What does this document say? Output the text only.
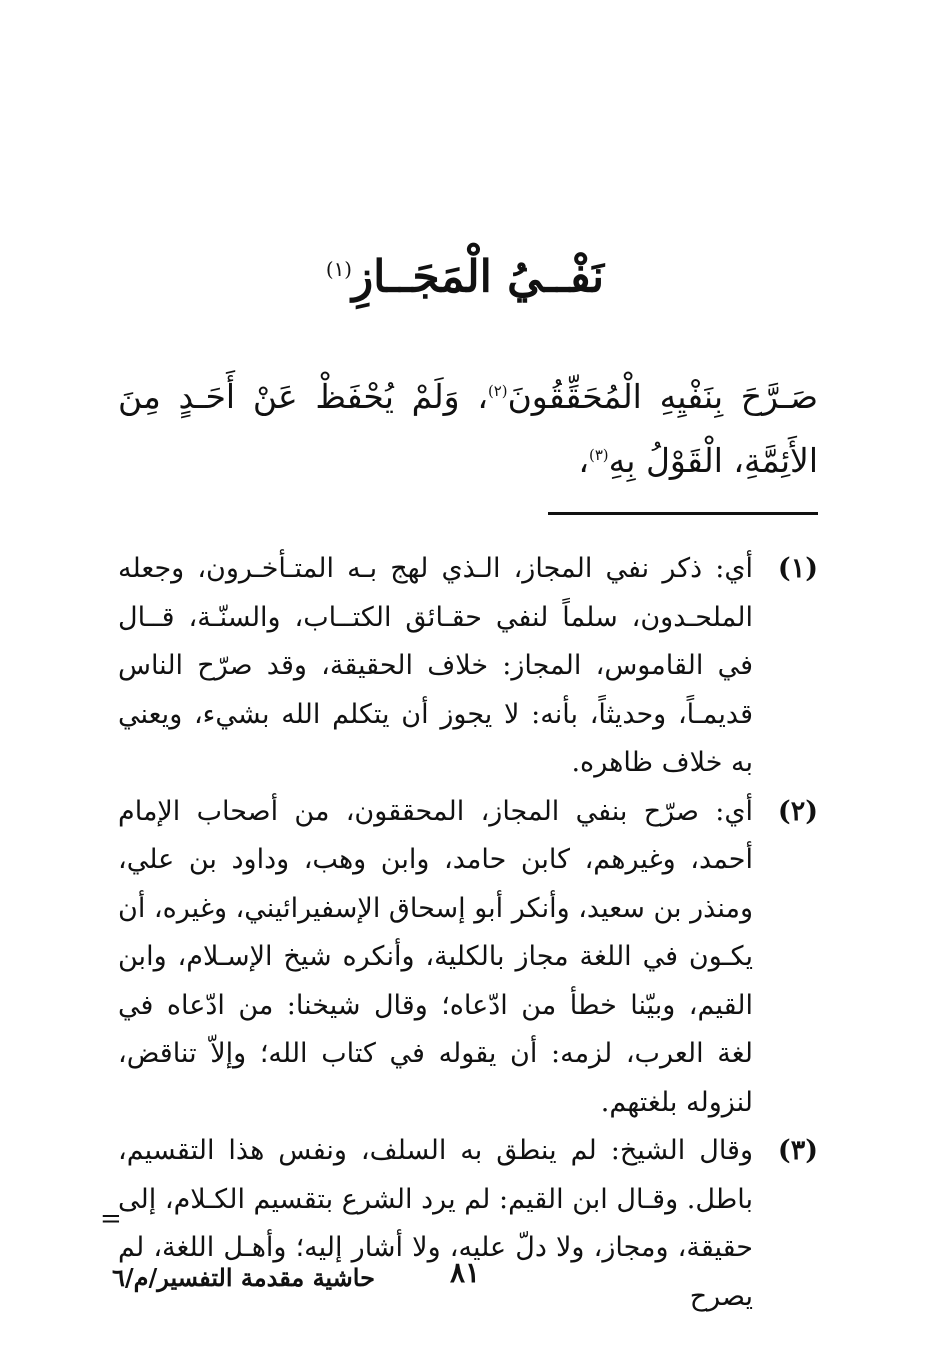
نَفْــيُ الْمَجَــازِ$^{(١)}$

صَـرَّحَ بِنَفْيِهِ الْمُحَقِّقُونَ$^{(٢)}$، وَلَمْ يُحْفَظْ عَنْ أَحَـدٍ مِنَ الأَئِمَّةِ، الْقَوْلُ بِهِ$^{(٣)}$،

(١)
أي: ذكر نفي المجاز، الـذي لهج بـه المتـأخـرون، وجعله الملحـدون، سلماً لنفي حقـائق الكتــاب، والسنّـة، قــال في القاموس، المجاز: خلاف الحقيقة، وقد صرّح الناس قديمـاً، وحديثاً، بأنه: لا يجوز أن يتكلم الله بشيء، ويعني به خلاف ظاهره.

(٢)
أي: صرّح بنفي المجاز، المحققون، من أصحاب الإمام أحمد، وغيرهم، كابن حامد، وابن وهب، وداود بن علي، ومنذر بن سعيد، وأنكر أبو إسحاق الإسفيرائيني، وغيره، أن يكـون في اللغة مجاز بالكلية، وأنكره شيخ الإسـلام، وابن القيم، وبيّنا خطأ من ادّعاه؛ وقال شيخنا: من ادّعاه في لغة العرب، لزمه: أن يقوله في كتاب الله؛ وإلاّ تناقض، لنزوله بلغتهم.

(٣)
وقال الشيخ: لم ينطق به السلف، ونفس هذا التقسيم، باطل. وقـال ابن القيم: لم يرد الشرع بتقسيم الكـلام، إلى حقيقة، ومجاز، ولا دلّ عليه، ولا أشار إليه؛ وأهـل اللغة، لم يصرح

=
٨١
حاشية مقدمة التفسير/م/٦
